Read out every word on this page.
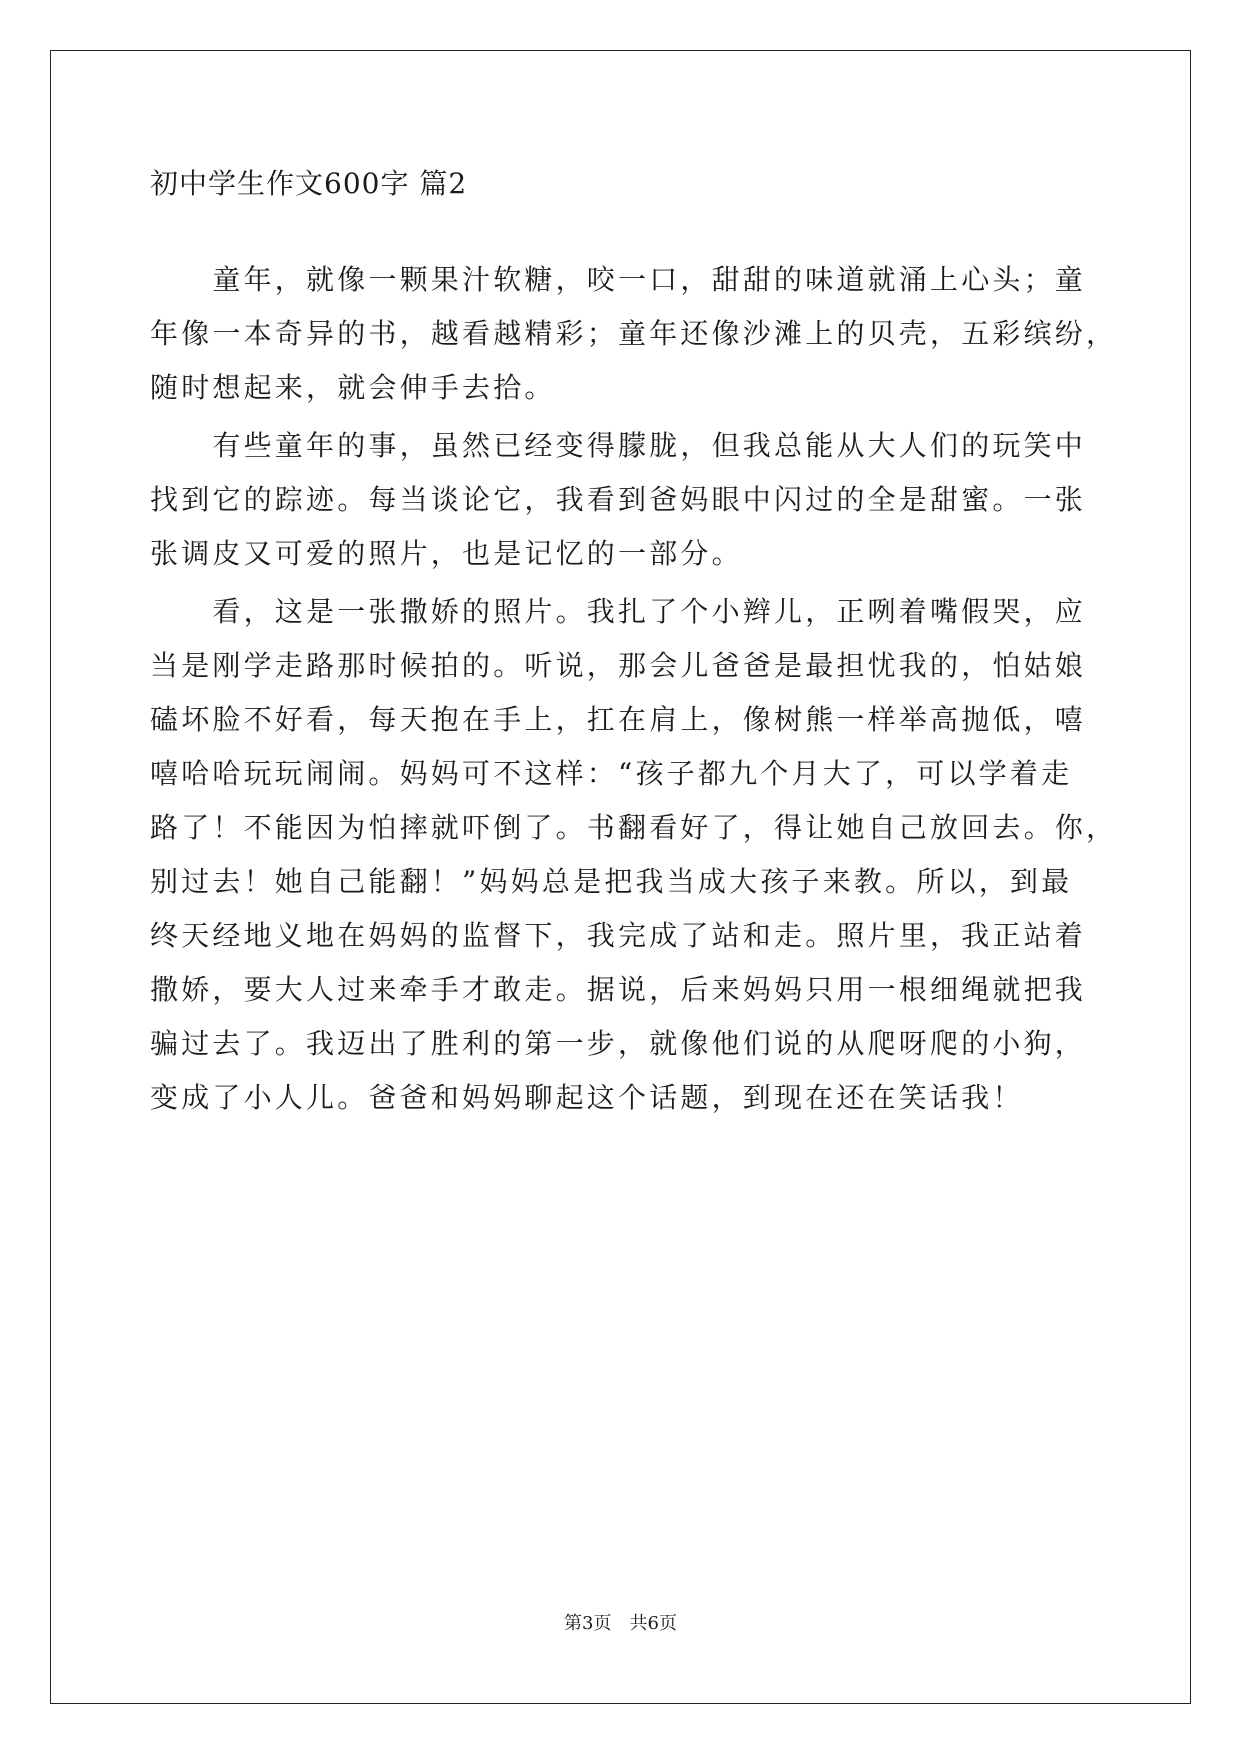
初中学生作文600字 篇2
　　童年，就像一颗果汁软糖，咬一口，甜甜的味道就涌上心头；童
年像一本奇异的书，越看越精彩；童年还像沙滩上的贝壳，五彩缤纷，
随时想起来，就会伸手去拾。
　　有些童年的事，虽然已经变得朦胧，但我总能从大人们的玩笑中
找到它的踪迹。每当谈论它，我看到爸妈眼中闪过的全是甜蜜。一张
张调皮又可爱的照片，也是记忆的一部分。
　　看，这是一张撒娇的照片。我扎了个小辫儿，正咧着嘴假哭，应
当是刚学走路那时候拍的。听说，那会儿爸爸是最担忧我的，怕姑娘
磕坏脸不好看，每天抱在手上，扛在肩上，像树熊一样举高抛低，嘻
嘻哈哈玩玩闹闹。妈妈可不这样：“孩子都九个月大了，可以学着走
路了！不能因为怕摔就吓倒了。书翻看好了，得让她自己放回去。你，
别过去！她自己能翻！”妈妈总是把我当成大孩子来教。所以，到最
终天经地义地在妈妈的监督下，我完成了站和走。照片里，我正站着
撒娇，要大人过来牵手才敢走。据说，后来妈妈只用一根细绳就把我
骗过去了。我迈出了胜利的第一步，就像他们说的从爬呀爬的小狗，
变成了小人儿。爸爸和妈妈聊起这个话题，到现在还在笑话我！
第3页　共6页
